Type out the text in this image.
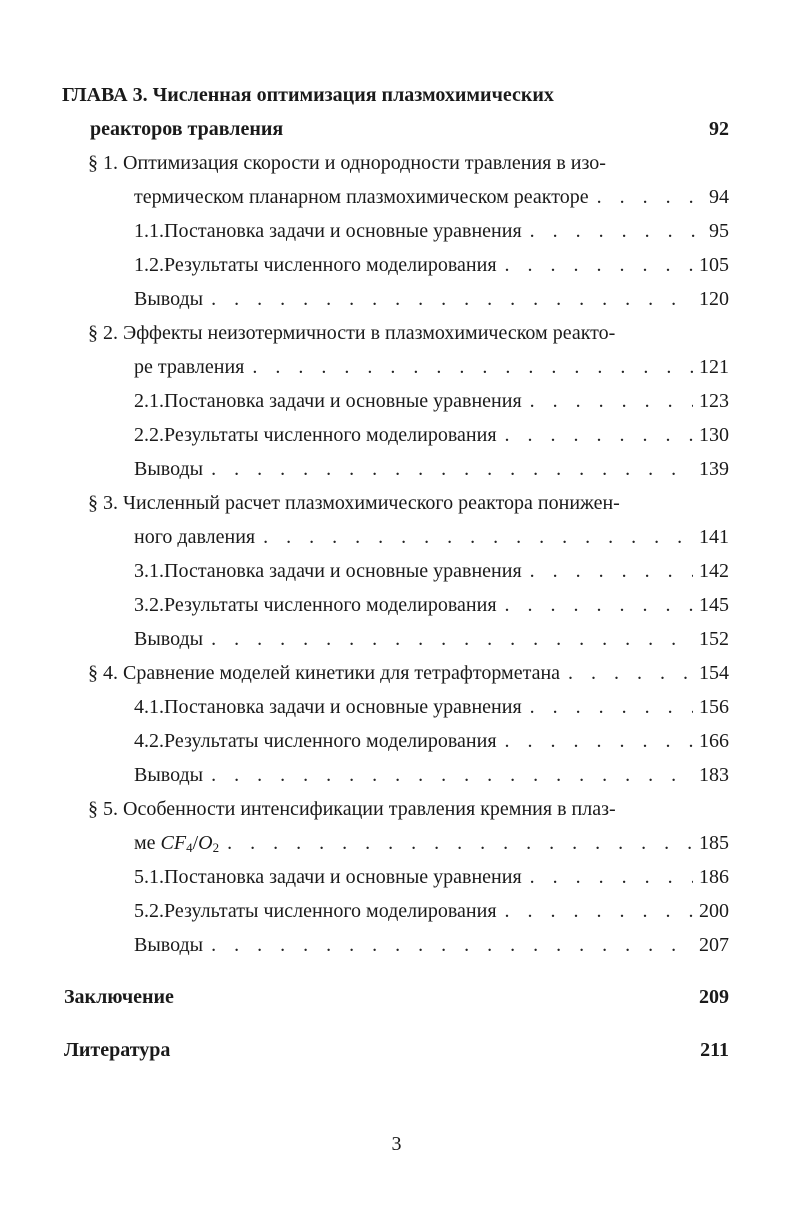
ГЛАВА 3. Численная оптимизация плазмохимических
реакторов травления	92
§ 1. Оптимизация скорости и однородности травления в изо-
термическом планарном плазмохимическом реакторе . . .	94
1.1. Постановка задачи и основные уравнения . . .	95
1.2. Результаты численного моделирования . . .	105
Выводы . . .	120
§ 2. Эффекты неизотермичности в плазмохимическом реакто-
ре травления . . .	121
2.1. Постановка задачи и основные уравнения . . .	123
2.2. Результаты численного моделирования . . .	130
Выводы . . .	139
§ 3. Численный расчет плазмохимического реактора понижен-
ного давления . . .	141
3.1. Постановка задачи и основные уравнения . . .	142
3.2. Результаты численного моделирования . . .	145
Выводы . . .	152
§ 4. Сравнение моделей кинетики для тетрафторметана . . .	154
4.1. Постановка задачи и основные уравнения . . .	156
4.2. Результаты численного моделирования . . .	166
Выводы . . .	183
§ 5. Особенности интенсификации травления кремния в плаз-
ме $CF_4/O_2$ . . .	185
5.1. Постановка задачи и основные уравнения . . .	186
5.2. Результаты численного моделирования . . .	200
Выводы . . .	207
Заключение	209
Литература	211
3
